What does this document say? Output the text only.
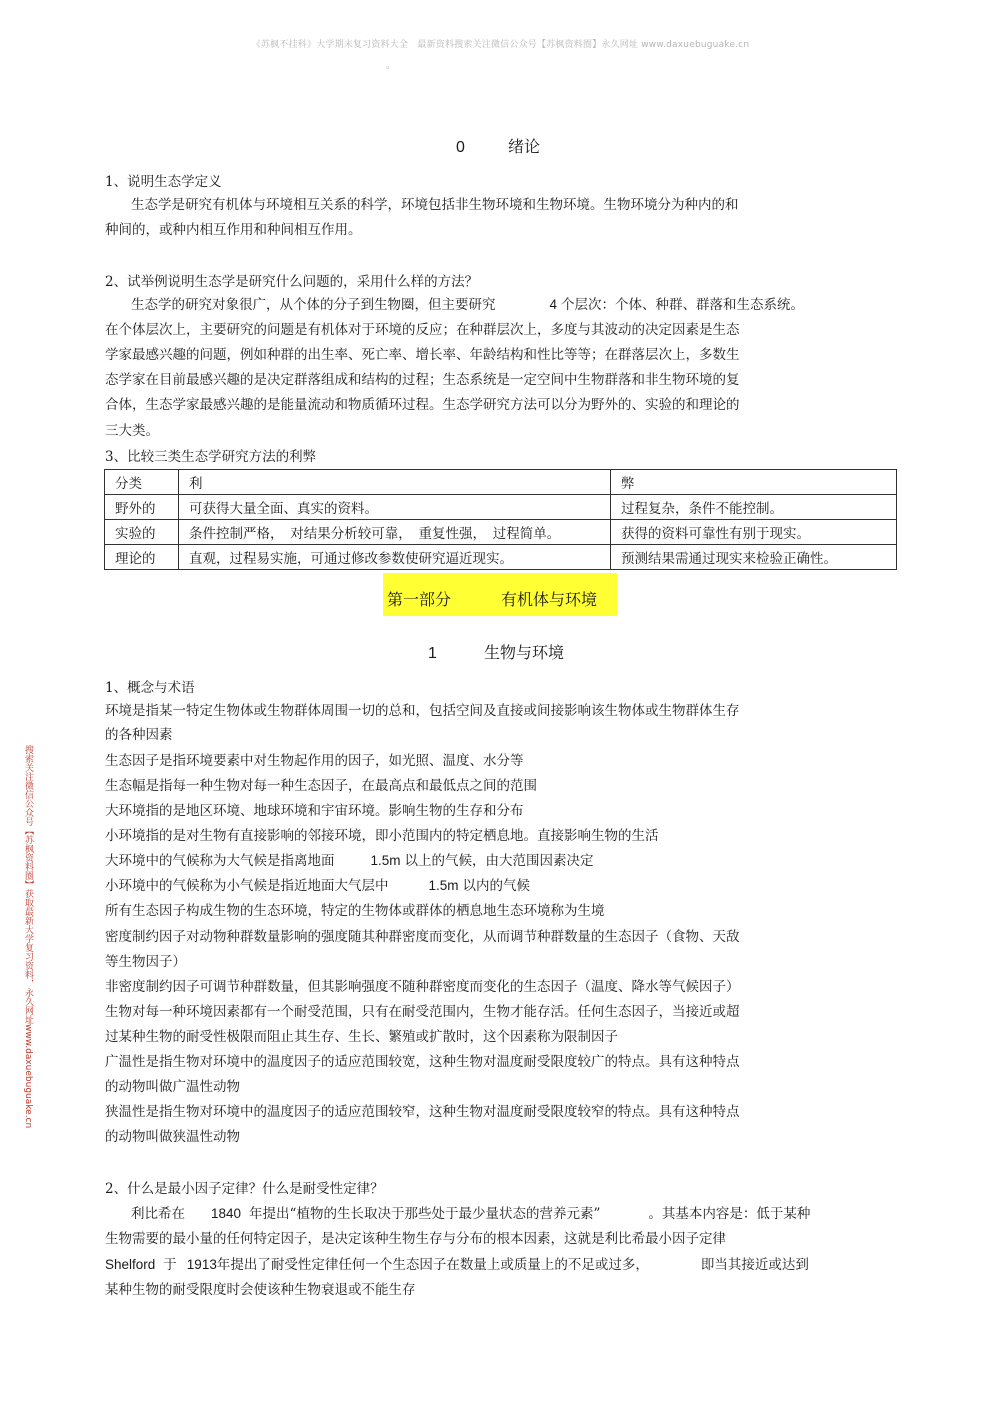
《苏枫不挂科》大学期末复习资料大全　最新资料搜索关注微信公众号【苏枫资料圈】永久网址 www.daxuebuguake.cn
。
搜索关注微信公众号【苏枫资料圈】获取最新大学复习资料，永久网址www.daxuebuguake.cn
0	绪论
1、说明生态学定义
生态学是研究有机体与环境相互关系的科学，环境包括非生物环境和生物环境。生物环境分为种内的和
种间的，或种内相互作用和种间相互作用。
2、试举例说明生态学是研究什么问题的，采用什么样的方法？
生态学的研究对象很广，从个体的分子到生物圈，但主要研究	4 个层次：个体、种群、群落和生态系统。
在个体层次上，主要研究的问题是有机体对于环境的反应；在种群层次上，多度与其波动的决定因素是生态
学家最感兴趣的问题，例如种群的出生率、死亡率、增长率、年龄结构和性比等等；在群落层次上，多数生
态学家在目前最感兴趣的是决定群落组成和结构的过程；生态系统是一定空间中生物群落和非生物环境的复
合体，生态学家最感兴趣的是能量流动和物质循环过程。生态学研究方法可以分为野外的、实验的和理论的
三大类。
3、比较三类生态学研究方法的利弊
分类	利	弊
野外的	可获得大量全面、真实的资料。	过程复杂，条件不能控制。
实验的	条件控制严格，　对结果分析较可靠，　重复性强，　过程简单。	获得的资料可靠性有别于现实。
理论的	直观，过程易实施，可通过修改参数使研究逼近现实。	预测结果需通过现实来检验正确性。
第一部分	有机体与环境
1	生物与环境
1、概念与术语
环境是指某一特定生物体或生物群体周围一切的总和，包括空间及直接或间接影响该生物体或生物群体生存
的各种因素
生态因子是指环境要素中对生物起作用的因子，如光照、温度、水分等
生态幅是指每一种生物对每一种生态因子，在最高点和最低点之间的范围
大环境指的是地区环境、地球环境和宇宙环境。影响生物的生存和分布
小环境指的是对生物有直接影响的邻接环境，即小范围内的特定栖息地。直接影响生物的生活
大环境中的气候称为大气候是指离地面	1.5m 以上的气候，由大范围因素决定
小环境中的气候称为小气候是指近地面大气层中	1.5m 以内的气候
所有生态因子构成生物的生态环境，特定的生物体或群体的栖息地生态环境称为生境
密度制约因子对动物种群数量影响的强度随其种群密度而变化，从而调节种群数量的生态因子（食物、天敌
等生物因子）
非密度制约因子可调节种群数量，但其影响强度不随种群密度而变化的生态因子（温度、降水等气候因子）
生物对每一种环境因素都有一个耐受范围，只有在耐受范围内，生物才能存活。任何生态因子，当接近或超
过某种生物的耐受性极限而阻止其生存、生长、繁殖或扩散时，这个因素称为限制因子
广温性是指生物对环境中的温度因子的适应范围较宽，这种生物对温度耐受限度较广的特点。具有这种特点
的动物叫做广温性动物
狭温性是指生物对环境中的温度因子的适应范围较窄，这种生物对温度耐受限度较窄的特点。具有这种特点
的动物叫做狭温性动物
2、什么是最小因子定律？什么是耐受性定律？
利比希在 1840 年提出“植物的生长取决于那些处于最少量状态的营养元素”	。其基本内容是：低于某种
生物需要的最小量的任何特定因子，是决定该种生物生存与分布的根本因素，这就是利比希最小因子定律
Shelford 于 1913年提出了耐受性定律任何一个生态因子在数量上或质量上的不足或过多，	即当其接近或达到
某种生物的耐受限度时会使该种生物衰退或不能生存
